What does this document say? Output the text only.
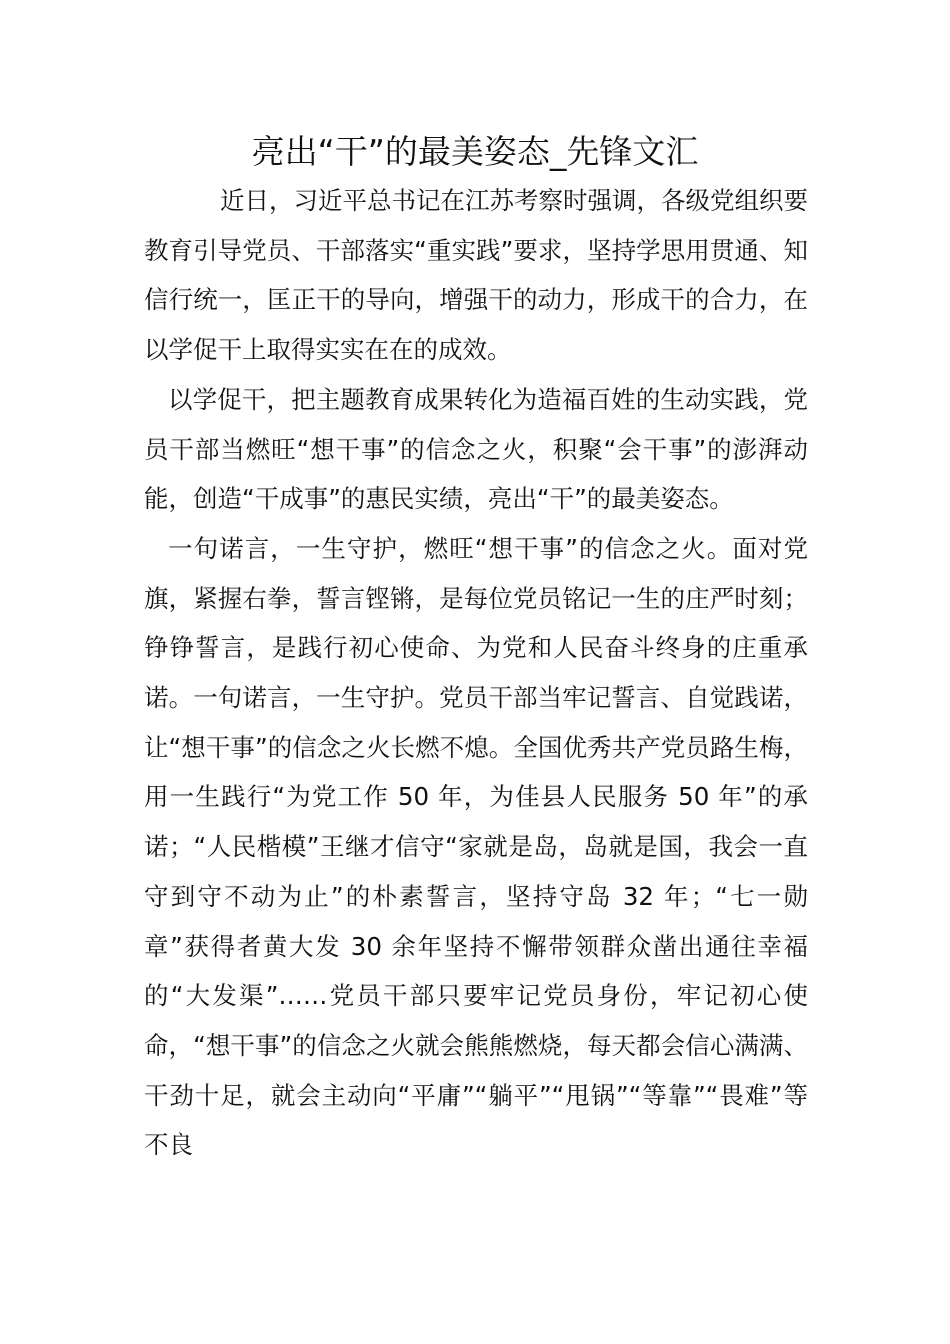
亮出“干”的最美姿态_先锋文汇

近日，习近平总书记在江苏考察时强调，各级党组织要教育引导党员、干部落实“重实践”要求，坚持学思用贯通、知信行统一，匡正干的导向，增强干的动力，形成干的合力，在以学促干上取得实实在在的成效。

以学促干，把主题教育成果转化为造福百姓的生动实践，党员干部当燃旺“想干事”的信念之火，积聚“会干事”的澎湃动能，创造“干成事”的惠民实绩，亮出“干”的最美姿态。

一句诺言，一生守护，燃旺“想干事”的信念之火。面对党旗，紧握右拳，誓言铿锵，是每位党员铭记一生的庄严时刻；铮铮誓言，是践行初心使命、为党和人民奋斗终身的庄重承诺。一句诺言，一生守护。党员干部当牢记誓言、自觉践诺，让“想干事”的信念之火长燃不熄。全国优秀共产党员路生梅，用一生践行“为党工作 50 年，为佳县人民服务 50 年”的承诺；“人民楷模”王继才信守“家就是岛，岛就是国，我会一直守到守不动为止”的朴素誓言，坚持守岛 32 年；“七一勋章”获得者黄大发 30 余年坚持不懈带领群众凿出通往幸福的“大发渠”……党员干部只要牢记党员身份，牢记初心使命，“想干事”的信念之火就会熊熊燃烧，每天都会信心满满、干劲十足，就会主动向“平庸”“躺平”“甩锅”“等靠”“畏难”等不良
